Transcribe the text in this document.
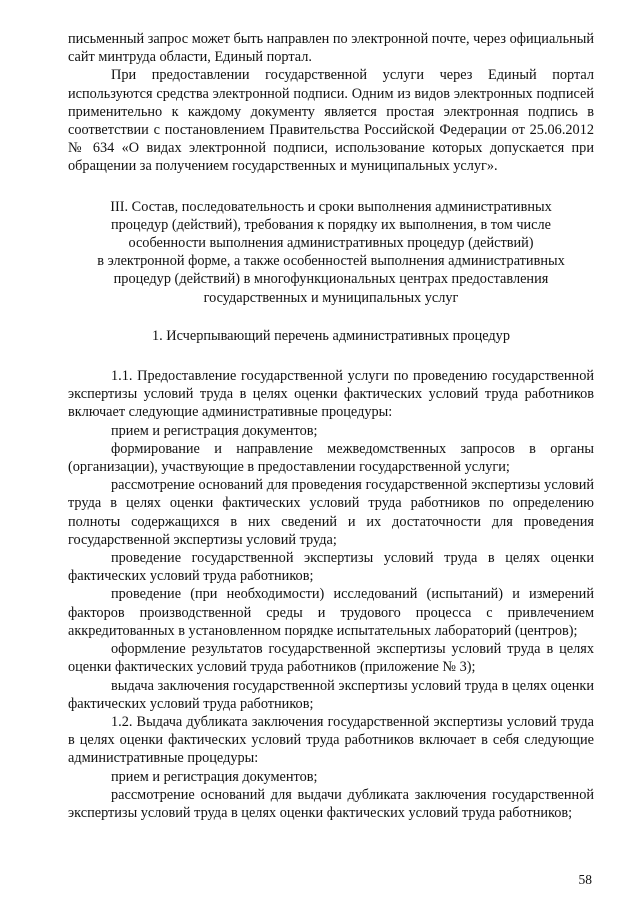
письменный запрос может быть направлен по электронной почте, через официальный сайт минтруда области, Единый портал.

При предоставлении государственной услуги через Единый портал используются средства электронной подписи. Одним из видов электронных подписей применительно к каждому документу является простая электронная подпись в соответствии с постановлением Правительства Российской Федерации от 25.06.2012 № 634 «О видах электронной подписи, использование которых допускается при обращении за получением государственных и муниципальных услуг».

III. Состав, последовательность и сроки выполнения административных
процедур (действий), требования к порядку их выполнения, в том числе
особенности выполнения административных процедур (действий)
в электронной форме, а также особенностей выполнения административных
процедур (действий) в многофункциональных центрах предоставления
государственных и муниципальных услуг

1. Исчерпывающий перечень административных процедур

1.1. Предоставление государственной услуги по проведению государственной экспертизы условий труда в целях оценки фактических условий труда работников включает следующие административные процедуры:

прием и регистрация документов;

формирование и направление межведомственных запросов в органы (организации), участвующие в предоставлении государственной услуги;

рассмотрение оснований для проведения государственной экспертизы условий труда в целях оценки фактических условий труда работников по определению полноты содержащихся в них сведений и их достаточности для проведения государственной экспертизы условий труда;

проведение государственной экспертизы условий труда в целях оценки фактических условий труда работников;

проведение (при необходимости) исследований (испытаний) и измерений факторов производственной среды и трудового процесса с привлечением аккредитованных в установленном порядке испытательных лабораторий (центров);

оформление результатов государственной экспертизы условий труда в целях оценки фактических условий труда работников (приложение № 3);

выдача заключения государственной экспертизы условий труда в целях оценки фактических условий труда работников;

1.2. Выдача дубликата заключения государственной экспертизы условий труда в целях оценки фактических условий труда работников включает в себя следующие административные процедуры:

прием и регистрация документов;

рассмотрение оснований для выдачи дубликата заключения государственной экспертизы условий труда в целях оценки фактических условий труда работников;

58
